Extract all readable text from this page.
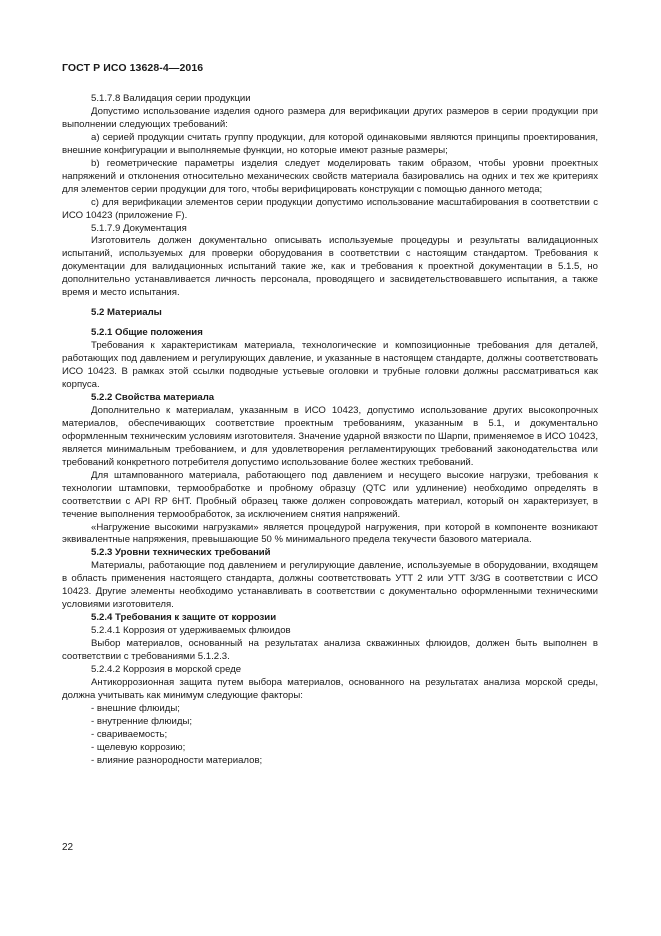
ГОСТ Р ИСО 13628-4—2016

5.1.7.8 Валидация серии продукции

Допустимо использование изделия одного размера для верификации других размеров в серии продукции при выполнении следующих требований:

a) серией продукции считать группу продукции, для которой одинаковыми являются принципы проектирования, внешние конфигурации и выполняемые функции, но которые имеют разные размеры;

b) геометрические параметры изделия следует моделировать таким образом, чтобы уровни проектных напряжений и отклонения относительно механических свойств материала базировались на одних и тех же критериях для элементов серии продукции для того, чтобы верифицировать конструкции с помощью данного метода;

c) для верификации элементов серии продукции допустимо использование масштабирования в соответствии с ИСО 10423 (приложение F).

5.1.7.9 Документация

Изготовитель должен документально описывать используемые процедуры и результаты валидационных испытаний, используемых для проверки оборудования в соответствии с настоящим стандартом. Требования к документации для валидационных испытаний такие же, как и требования к проектной документации в 5.1.5, но дополнительно устанавливается личность персонала, проводящего и засвидетельствовавшего испытания, а также время и место испытания.

5.2 Материалы

5.2.1 Общие положения

Требования к характеристикам материала, технологические и композиционные требования для деталей, работающих под давлением и регулирующих давление, и указанные в настоящем стандарте, должны соответствовать ИСО 10423. В рамках этой ссылки подводные устьевые оголовки и трубные головки должны рассматриваться как корпуса.

5.2.2 Свойства материала

Дополнительно к материалам, указанным в ИСО 10423, допустимо использование других высокопрочных материалов, обеспечивающих соответствие проектным требованиям, указанным в 5.1, и документально оформленным техническим условиям изготовителя. Значение ударной вязкости по Шарпи, применяемое в ИСО 10423, является минимальным требованием, и для удовлетворения регламентирующих требований законодательства или требований конкретного потребителя допустимо использование более жестких требований.

Для штампованного материала, работающего под давлением и несущего высокие нагрузки, требования к технологии штамповки, термообработке и пробному образцу (QTC или удлинение) необходимо определять в соответствии с API RP 6HT. Пробный образец также должен сопровождать материал, который он характеризует, в течение выполнения термообработок, за исключением снятия напряжений.

«Нагружение высокими нагрузками» является процедурой нагружения, при которой в компоненте возникают эквивалентные напряжения, превышающие 50 % минимального предела текучести базового материала.

5.2.3 Уровни технических требований

Материалы, работающие под давлением и регулирующие давление, используемые в оборудовании, входящем в область применения настоящего стандарта, должны соответствовать УТТ 2 или УТТ 3/3G в соответствии с ИСО 10423. Другие элементы необходимо устанавливать в соответствии с документально оформленными техническими условиями изготовителя.

5.2.4 Требования к защите от коррозии

5.2.4.1 Коррозия от удерживаемых флюидов

Выбор материалов, основанный на результатах анализа скважинных флюидов, должен быть выполнен в соответствии с требованиями 5.1.2.3.

5.2.4.2 Коррозия в морской среде

Антикоррозионная защита путем выбора материалов, основанного на результатах анализа морской среды, должна учитывать как минимум следующие факторы:

- внешние флюиды;

- внутренние флюиды;

- свариваемость;

- щелевую коррозию;

- влияние разнородности материалов;

22
